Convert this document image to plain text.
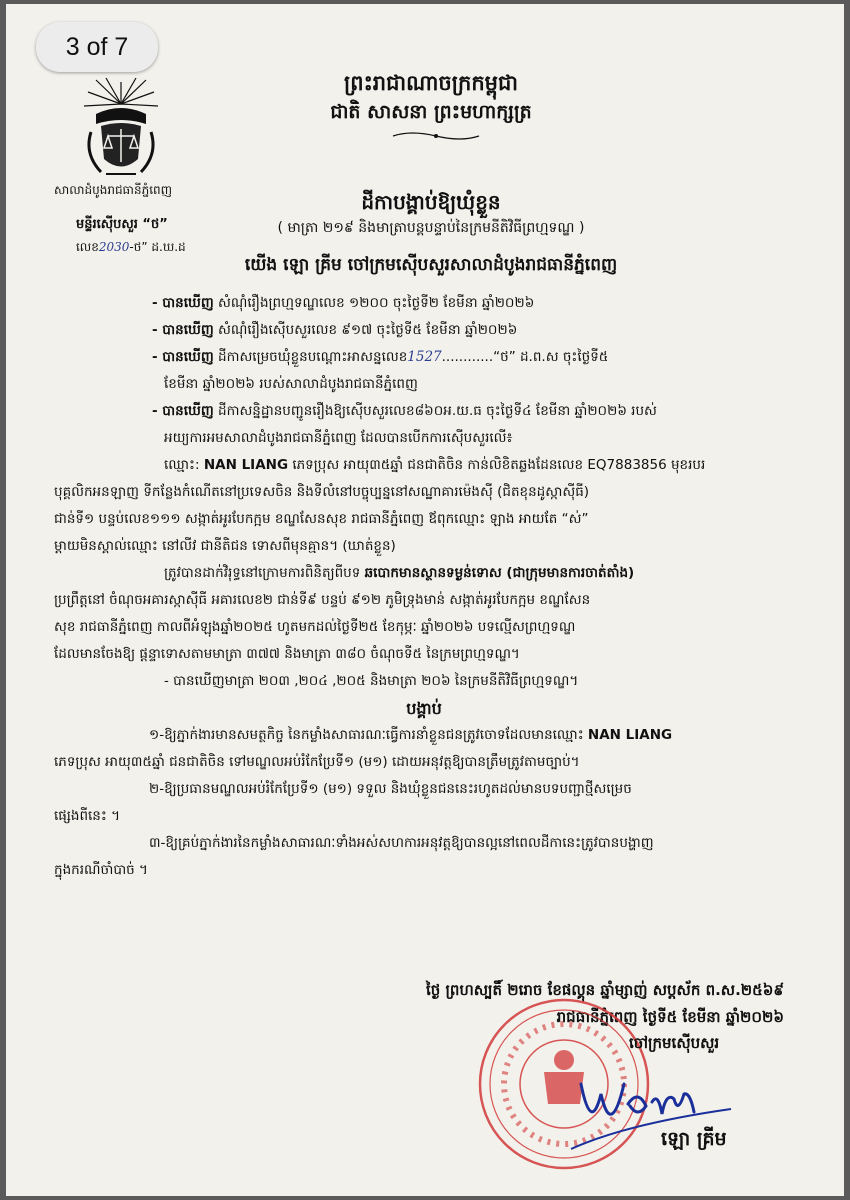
3 of 7
សាលាដំបូងរាជធានីភ្នំពេញ
មន្ទីរស៊ើបសួរ “ថ”
លេខ2030-ថ” ដ.ឃ.ដ
ព្រះរាជាណាចក្រកម្ពុជា
ជាតិ សាសនា ព្រះមហាក្សត្រ
ដីកាបង្គាប់ឱ្យឃុំខ្លួន
( មាត្រា ២១៩ និងមាត្រាបន្តបន្ទាប់នៃក្រមនីតិវិធីព្រហ្មទណ្ឌ )
យើង ឡោ គ្រីម ចៅក្រមស៊ើបសួរសាលាដំបូងរាជធានីភ្នំពេញ

- បានឃើញ សំណុំរឿងព្រហ្មទណ្ឌលេខ ១២០០ ចុះថ្ងៃទី២ ខែមីនា ឆ្នាំ២០២៦

- បានឃើញ សំណុំរឿងស៊ើបសួរលេខ ៩១៧ ចុះថ្ងៃទី៥ ខែមីនា ឆ្នាំ២០២៦

- បានឃើញ ដីកាសម្រេចឃុំខ្លួនបណ្ដោះអាសន្នលេខ1527............“ថ” ដ.ព.ស ចុះថ្ងៃទី៥

ខែមីនា ឆ្នាំ២០២៦ របស់សាលាដំបូងរាជធានីភ្នំពេញ

- បានឃើញ ដីកាសន្និដ្ឋានបញ្ជូនរឿងឱ្យស៊ើបសួរលេខ៨៦០អ.យ.ធ ចុះថ្ងៃទី៤ ខែមីនា ឆ្នាំ២០២៦ របស់

អយ្យការអមសាលាដំបូងរាជធានីភ្នំពេញ ដែលបានបើកការស៊ើបសួរលើ៖

ឈ្មោះ: NAN LIANG ភេទប្រុស អាយុ៣៥ឆ្នាំ ជនជាតិចិន កាន់លិខិតឆ្លងដែនលេខ EQ7883856 មុខរបរ

បុគ្គលិកអនឡាញ ទីកន្លែងកំណើតនៅប្រទេសចិន និងទីលំនៅបច្ចុប្បន្ននៅសណ្ឋាគារម៉េងស៊ី (ជិតខុនដូស្កាស៊ីធី)

ជាន់ទី១ បន្ទប់លេខ១១១ សង្កាត់អូរបែកក្អម ខណ្ឌសែនសុខ រាជធានីភ្នំពេញ ឪពុកឈ្មោះ ឡាង អាយតែ “ស់”

ម្ដាយមិនស្គាល់ឈ្មោះ នៅលីវ ជានីតិជន ទោសពីមុនគ្មាន។ (ឃាត់ខ្លួន)

ត្រូវបានដាក់វិរុទ្ធនៅក្រោមការពិនិត្យពីបទ ឆបោកមានស្ថានទម្ងន់ទោស (ជាក្រុមមានការចាត់តាំង)

ប្រព្រឹត្តនៅ ចំណុចអគារស្កាស៊ីធី អគារលេខ២ ជាន់ទី៩ បន្ទប់ ៩១២ ភូមិទ្រុងមាន់ សង្កាត់អូរបែកក្អម ខណ្ឌសែន

សុខ រាជធានីភ្នំពេញ កាលពីអំឡុងឆ្នាំ២០២៥ ហូតមកដល់ថ្ងៃទី២៥ ខែកុម្ភៈ ឆ្នាំ២០២៦ បទល្មើសព្រហ្មទណ្ឌ

ដែលមានចែងឱ្យ ផ្ដន្ទាទោសតាមមាត្រា ៣៧៧ និងមាត្រា ៣៨០ ចំណុចទី៥ នៃក្រមព្រហ្មទណ្ឌ។

- បានឃើញមាត្រា ២០៣ ,២០៤ ,២០៥ និងមាត្រា ២០៦ នៃក្រមនីតិវិធីព្រហ្មទណ្ឌ។

បង្គាប់

១-ឱ្យភ្នាក់ងារមានសមត្ថកិច្ច នៃកម្លាំងសាធារណៈធ្វើការនាំខ្លួនជនត្រូវចោទដែលមានឈ្មោះ NAN LIANG

ភេទប្រុស អាយុ៣៥ឆ្នាំ ជនជាតិចិន ទៅមណ្ឌលអប់រំកែប្រែទី១ (ម១) ដោយអនុវត្តឱ្យបានត្រឹមត្រូវតាមច្បាប់។

២-ឱ្យប្រធានមណ្ឌលអប់រំកែប្រែទី១ (ម១) ទទួល និងឃុំខ្លួនជននេះរហូតដល់មានបទបញ្ជាថ្មីសម្រេច

ផ្សេងពីនេះ ។

៣-ឱ្យគ្រប់ភ្នាក់ងារនៃកម្លាំងសាធារណៈទាំងអស់សហការអនុវត្តឱ្យបានល្អនៅពេលដីកានេះត្រូវបានបង្ហាញ

ក្នុងករណីចាំបាច់ ។

ថ្ងៃ ព្រហស្បតិ៍ ២រោច ខែផល្គុន ឆ្នាំម្សាញ់ សប្ដស័ក ព.ស.២៥៦៩
រាជធានីភ្នំពេញ ថ្ងៃទី៥ ខែមីនា ឆ្នាំ២០២៦
ចៅក្រមស៊ើបសួរ
ឡោ គ្រីម
